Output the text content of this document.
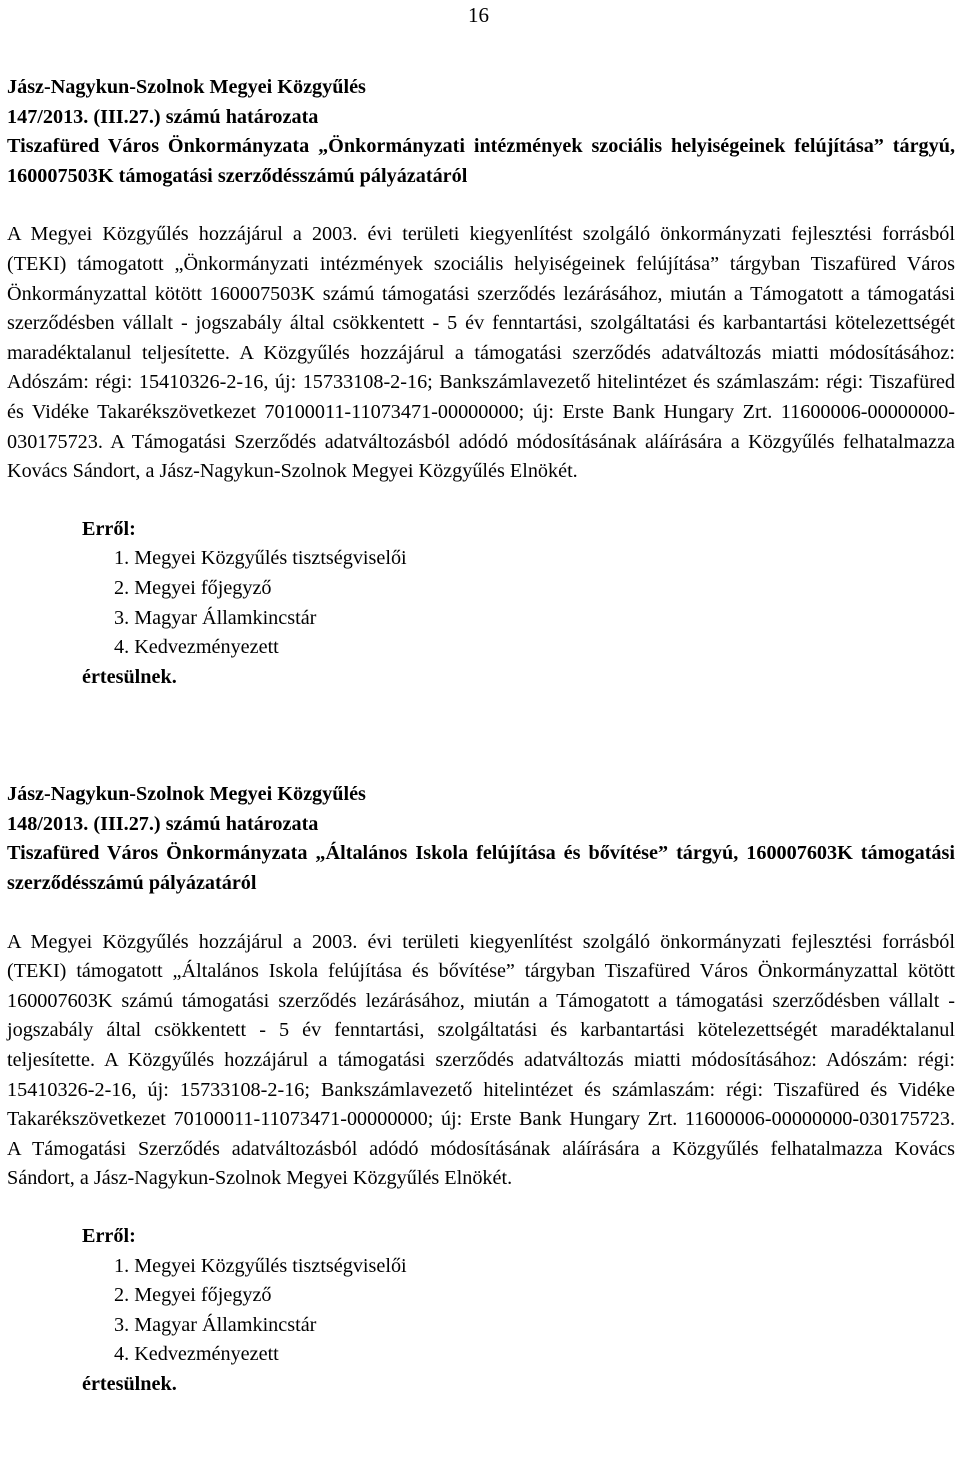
16

Jász-Nagykun-Szolnok Megyei Közgyűlés

147/2013. (III.27.) számú határozata

Tiszafüred Város Önkormányzata „Önkormányzati intézmények szociális helyiségeinek felújítása” tárgyú, 160007503K támogatási szerződésszámú pályázatáról

A Megyei Közgyűlés hozzájárul a 2003. évi területi kiegyenlítést szolgáló önkormányzati fejlesztési forrásból (TEKI) támogatott „Önkormányzati intézmények szociális helyiségeinek felújítása” tárgyban Tiszafüred Város Önkormányzattal kötött 160007503K számú támogatási szerződés lezárásához, miután a Támogatott a támogatási szerződésben vállalt - jogszabály által csökkentett - 5 év fenntartási, szolgáltatási és karbantartási kötelezettségét maradéktalanul teljesítette. A Közgyűlés hozzájárul a támogatási szerződés adatváltozás miatti módosításához: Adószám: régi: 15410326-2-16, új: 15733108-2-16; Bankszámlavezető hitelintézet és számlaszám: régi: Tiszafüred és Vidéke Takarékszövetkezet 70100011-11073471-00000000; új: Erste Bank Hungary Zrt. 11600006-00000000-030175723. A Támogatási Szerződés adatváltozásból adódó módosításának aláírására a Közgyűlés felhatalmazza Kovács Sándort, a Jász-Nagykun-Szolnok Megyei Közgyűlés Elnökét.

Erről:

1. Megyei Közgyűlés tisztségviselői
2. Megyei főjegyző
3. Magyar Államkincstár
4. Kedvezményezett

értesülnek.

Jász-Nagykun-Szolnok Megyei Közgyűlés

148/2013. (III.27.) számú határozata

Tiszafüred Város Önkormányzata „Általános Iskola felújítása és bővítése” tárgyú, 160007603K támogatási szerződésszámú pályázatáról

A Megyei Közgyűlés hozzájárul a 2003. évi területi kiegyenlítést szolgáló önkormányzati fejlesztési forrásból (TEKI) támogatott „Általános Iskola felújítása és bővítése” tárgyban Tiszafüred Város Önkormányzattal kötött 160007603K számú támogatási szerződés lezárásához, miután a Támogatott a támogatási szerződésben vállalt - jogszabály által csökkentett - 5 év fenntartási, szolgáltatási és karbantartási kötelezettségét maradéktalanul teljesítette. A Közgyűlés hozzájárul a támogatási szerződés adatváltozás miatti módosításához: Adószám: régi: 15410326-2-16, új: 15733108-2-16; Bankszámlavezető hitelintézet és számlaszám: régi: Tiszafüred és Vidéke Takarékszövetkezet 70100011-11073471-00000000; új: Erste Bank Hungary Zrt. 11600006-00000000-030175723. A Támogatási Szerződés adatváltozásból adódó módosításának aláírására a Közgyűlés felhatalmazza Kovács Sándort, a Jász-Nagykun-Szolnok Megyei Közgyűlés Elnökét.

Erről:

1. Megyei Közgyűlés tisztségviselői
2. Megyei főjegyző
3. Magyar Államkincstár
4. Kedvezményezett

értesülnek.
